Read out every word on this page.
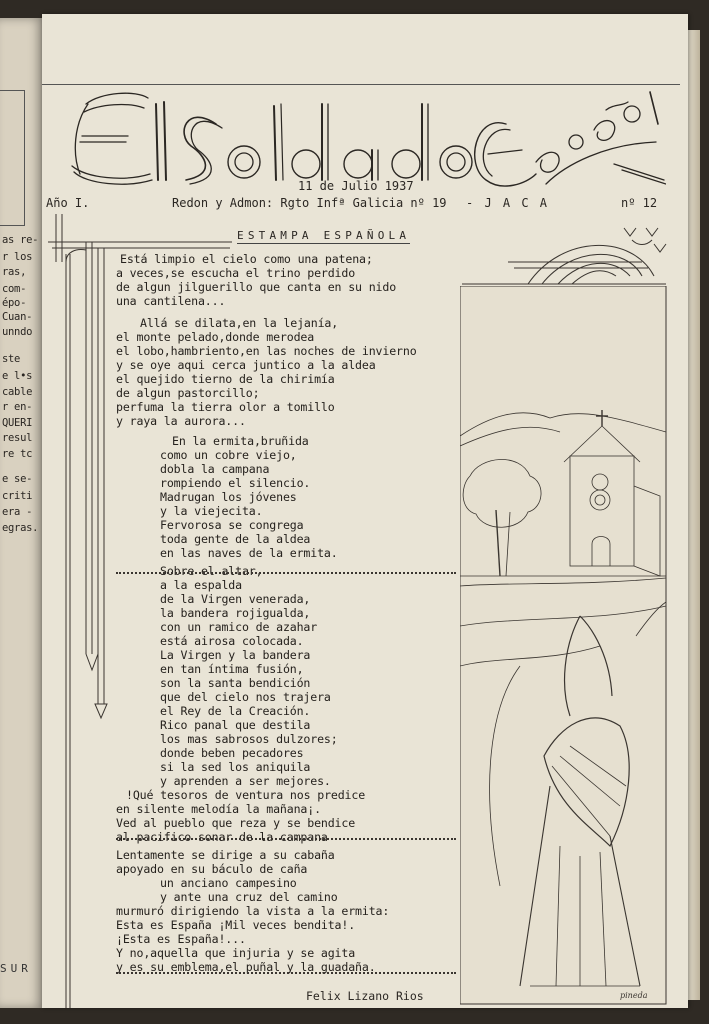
as re-
r los
ras,
com-
épo-
Cuan-
unndo
ste
e l•s
cable
r en-
QUERI
resul
re tc
e se-
criti
era -
egras.
SUR
11 de Julio 1937
Año I.	Redon y Admon: Rgto Infª Galicia nº 19 - J A C A	nº 12
ESTAMPA ESPAÑOLA
Está limpio el cielo como una patena;
a veces,se escucha el trino perdido
de algun jilguerillo que canta en su nido
una cantilena...
Allá se dilata,en la lejanía,
el monte pelado,donde merodea
el lobo,hambriento,en las noches de invierno
y se oye aqui cerca juntico a la aldea
el quejido tierno de la chirimía
de algun pastorcillo;
perfuma la tierra olor a tomillo
y raya la aurora...
En la ermita,bruñida
como un cobre viejo,
dobla la campana
rompiendo el silencio.
Madrugan los jóvenes
y la viejecita.
Fervorosa se congrega
toda gente de la aldea
en las naves de la ermita.
Sobre el altar,
a la espalda
de la Virgen venerada,
la bandera rojigualda,
con un ramico de azahar
está airosa colocada.
La Virgen y la bandera
en tan íntima fusión,
son la santa bendición
que del cielo nos trajera
el Rey de la Creación.
Rico panal que destila
los mas sabrosos dulzores;
donde beben pecadores
si la sed los aniquila
y aprenden a ser mejores.
!Qué tesoros de ventura nos predice
en silente melodía la mañana¡.
Ved al pueblo que reza y se bendice
al pacifico sonar de la campana
Lentamente se dirige a su cabaña
apoyado en su báculo de caña
un anciano campesino
y ante una cruz del camino
murmuró dirigiendo la vista a la ermita:
Esta es España ¡Mil veces bendita!.
¡Esta es España!...
Y no,aquella que injuria y se agita
y es su emblema,el puñal y la guadaña.
Felix Lizano Rios	pineda
